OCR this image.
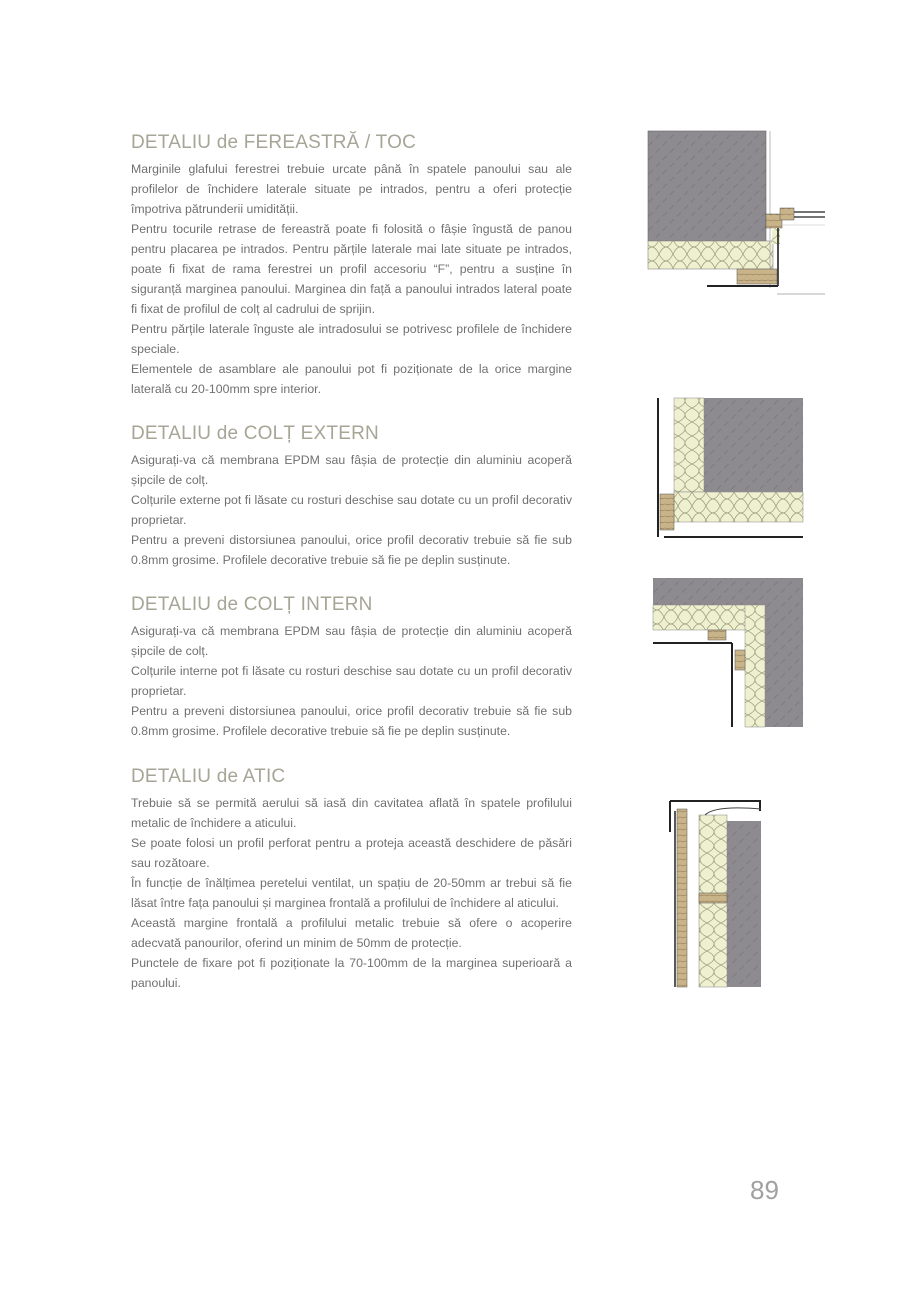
DETALIU de FEREASTRĂ / TOC

Marginile glafului ferestrei trebuie urcate până în spatele panoului sau ale profilelor de închidere laterale situate pe intrados, pentru a oferi protecție împotriva pătrunderii umidității.

Pentru tocurile retrase de fereastră poate fi folosită o fâșie îngustă de panou pentru placarea pe intrados. Pentru părțile laterale mai late situate pe intrados, poate fi fixat de rama ferestrei un profil accesoriu “F”, pentru a susține în siguranță marginea panoului. Marginea din față a panoului intrados lateral poate fi fixat de profilul de colț al cadrului de sprijin.

Pentru părțile laterale înguste ale intradosului se potrivesc profilele de închidere speciale.

Elementele de asamblare ale panoului pot fi poziționate de la orice margine laterală cu 20-100mm spre interior.

DETALIU de COLȚ EXTERN

Asigurați-va că membrana EPDM sau fâșia de protecție din aluminiu acoperă șipcile de colț.

Colțurile externe pot fi lăsate cu rosturi deschise sau dotate cu un profil decorativ proprietar.

Pentru a preveni distorsiunea panoului, orice profil decorativ trebuie să fie sub 0.8mm grosime. Profilele decorative trebuie să fie pe deplin susținute.

DETALIU de COLȚ INTERN

Asigurați-va că membrana EPDM sau fâșia de protecție din aluminiu acoperă șipcile de colț.

Colțurile interne pot fi lăsate cu rosturi deschise sau dotate cu un profil decorativ proprietar.

Pentru a preveni distorsiunea panoului, orice profil decorativ trebuie să fie sub 0.8mm grosime. Profilele decorative trebuie să fie pe deplin susținute.

DETALIU de ATIC

Trebuie să se permită aerului să iasă din cavitatea aflată în spatele profilului metalic de închidere a aticului.

Se poate folosi un profil perforat pentru a proteja această deschidere de păsări sau rozătoare.

În funcție de înălțimea peretelui ventilat, un spațiu de 20-50mm ar trebui să fie lăsat între fața panoului și marginea frontală a profilului de închidere al aticului.

Această margine frontală a profilului metalic trebuie să ofere o acoperire adecvată panourilor, oferind un minim de 50mm de protecție.

Punctele de fixare pot fi poziționate la 70-100mm de la marginea superioară a panoului.

89
